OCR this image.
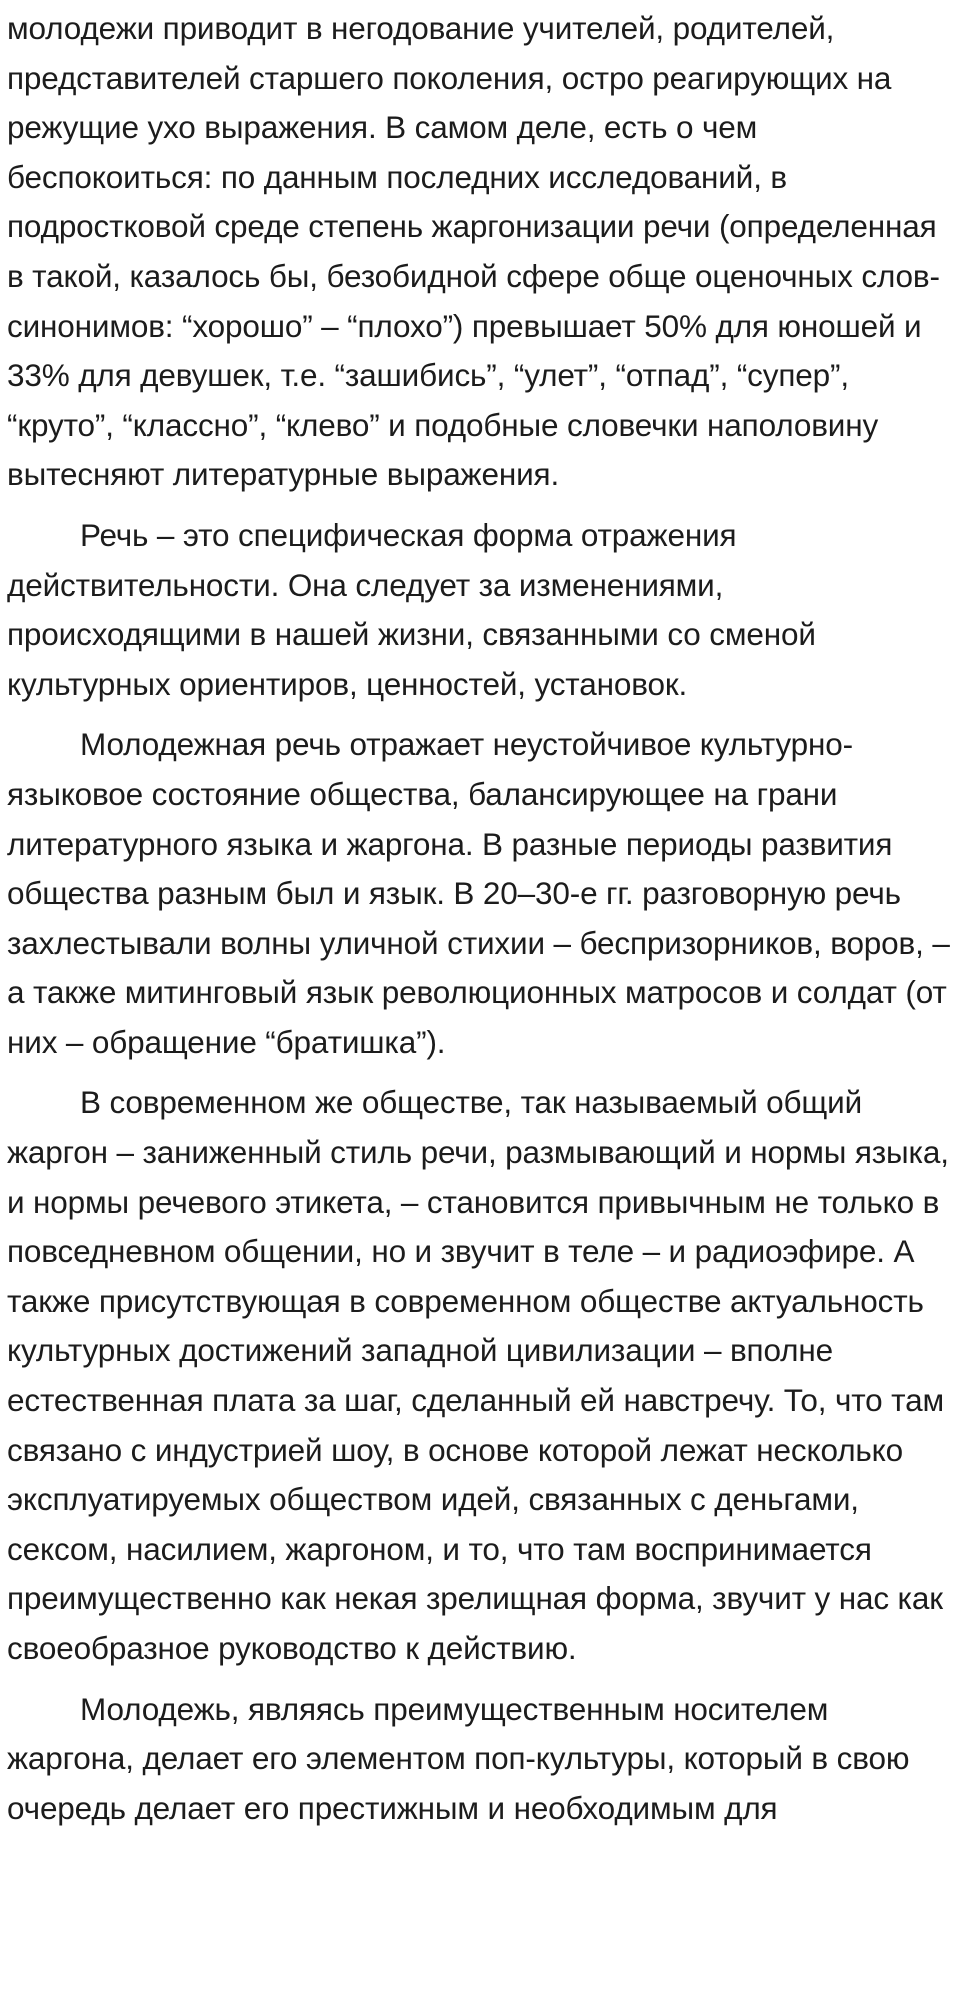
молодежи приводит в негодование учителей, родителей, представителей старшего поколения, остро реагирующих на режущие ухо выражения. В самом деле, есть о чем беспокоиться: по данным последних исследований, в подростковой среде степень жаргонизации речи (определенная в такой, казалось бы, безобидной сфере обще оценочных слов-синонимов: “хорошо” – “плохо”) превышает 50% для юношей и 33% для девушек, т.е. “зашибись”, “улет”, “отпад”, “супер”, “круто”, “классно”, “клево” и подобные словечки наполовину вытесняют литературные выражения.

Речь – это специфическая форма отражения действительности. Она следует за изменениями, происходящими в нашей жизни, связанными со сменой культурных ориентиров, ценностей, установок.

Молодежная речь отражает неустойчивое культурно-языковое состояние общества, балансирующее на грани литературного языка и жаргона. В разные периоды развития общества разным был и язык. В 20–30-е гг. разговорную речь захлестывали волны уличной стихии – беспризорников, воров, – а также митинговый язык революционных матросов и солдат (от них – обращение “братишка”).

В современном же обществе, так называемый общий жаргон – заниженный стиль речи, размывающий и нормы языка, и нормы речевого этикета, – становится привычным не только в повседневном общении, но и звучит в теле – и радиоэфире. А также присутствующая в современном обществе актуальность культурных достижений западной цивилизации – вполне естественная плата за шаг, сделанный ей навстречу. То, что там связано с индустрией шоу, в основе которой лежат несколько эксплуатируемых обществом идей, связанных с деньгами, сексом, насилием, жаргоном, и то, что там воспринимается преимущественно как некая зрелищная форма, звучит у нас как своеобразное руководство к действию.

Молодежь, являясь преимущественным носителем жаргона, делает его элементом поп-культуры, который в свою очередь делает его престижным и необходимым для
